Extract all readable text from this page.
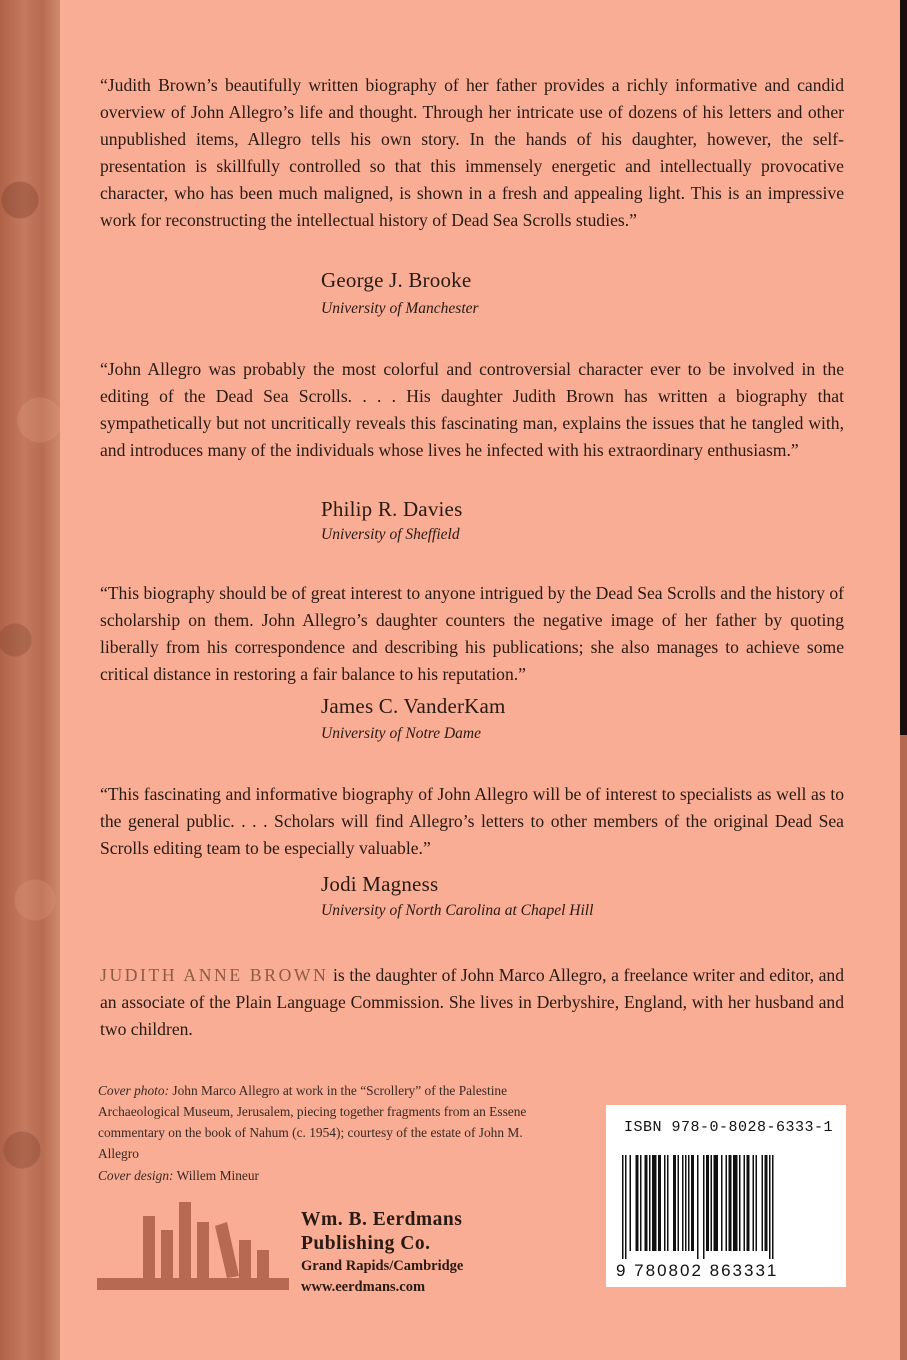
“Judith Brown’s beautifully written biography of her father provides a richly informative and candid overview of John Allegro’s life and thought. Through her intricate use of dozens of his letters and other unpublished items, Allegro tells his own story. In the hands of his daughter, however, the self-presentation is skillfully controlled so that this immensely energetic and intellectually provocative character, who has been much maligned, is shown in a fresh and appealing light. This is an impressive work for reconstructing the intellectual history of Dead Sea Scrolls studies.”

George J. Brooke

University of Manchester

“John Allegro was probably the most colorful and controversial character ever to be involved in the editing of the Dead Sea Scrolls. . . . His daughter Judith Brown has written a biography that sympathetically but not uncritically reveals this fascinating man, explains the issues that he tangled with, and introduces many of the individuals whose lives he infected with his extraordinary enthusiasm.”

Philip R. Davies

University of Sheffield

“This biography should be of great interest to anyone intrigued by the Dead Sea Scrolls and the history of scholarship on them. John Allegro’s daughter counters the negative image of her father by quoting liberally from his correspondence and describing his publications; she also manages to achieve some critical distance in restoring a fair balance to his reputation.”

James C. VanderKam

University of Notre Dame

“This fascinating and informative biography of John Allegro will be of interest to specialists as well as to the general public. . . . Scholars will find Allegro’s letters to other members of the original Dead Sea Scrolls editing team to be especially valuable.”

Jodi Magness

University of North Carolina at Chapel Hill

JUDITH ANNE BROWN is the daughter of John Marco Allegro, a freelance writer and editor, and an associate of the Plain Language Commission. She lives in Derbyshire, England, with her husband and two children.

Cover photo: John Marco Allegro at work in the “Scrollery” of the Palestine Archaeological Museum, Jerusalem, piecing together fragments from an Essene commentary on the book of Nahum (c. 1954); courtesy of the estate of John M. Allegro

Cover design: Willem Mineur

Wm. B. Eerdmans
Publishing Co.
Grand Rapids/Cambridge
www.eerdmans.com
ISBN 978-0-8028-6333-1
9 780802 863331
